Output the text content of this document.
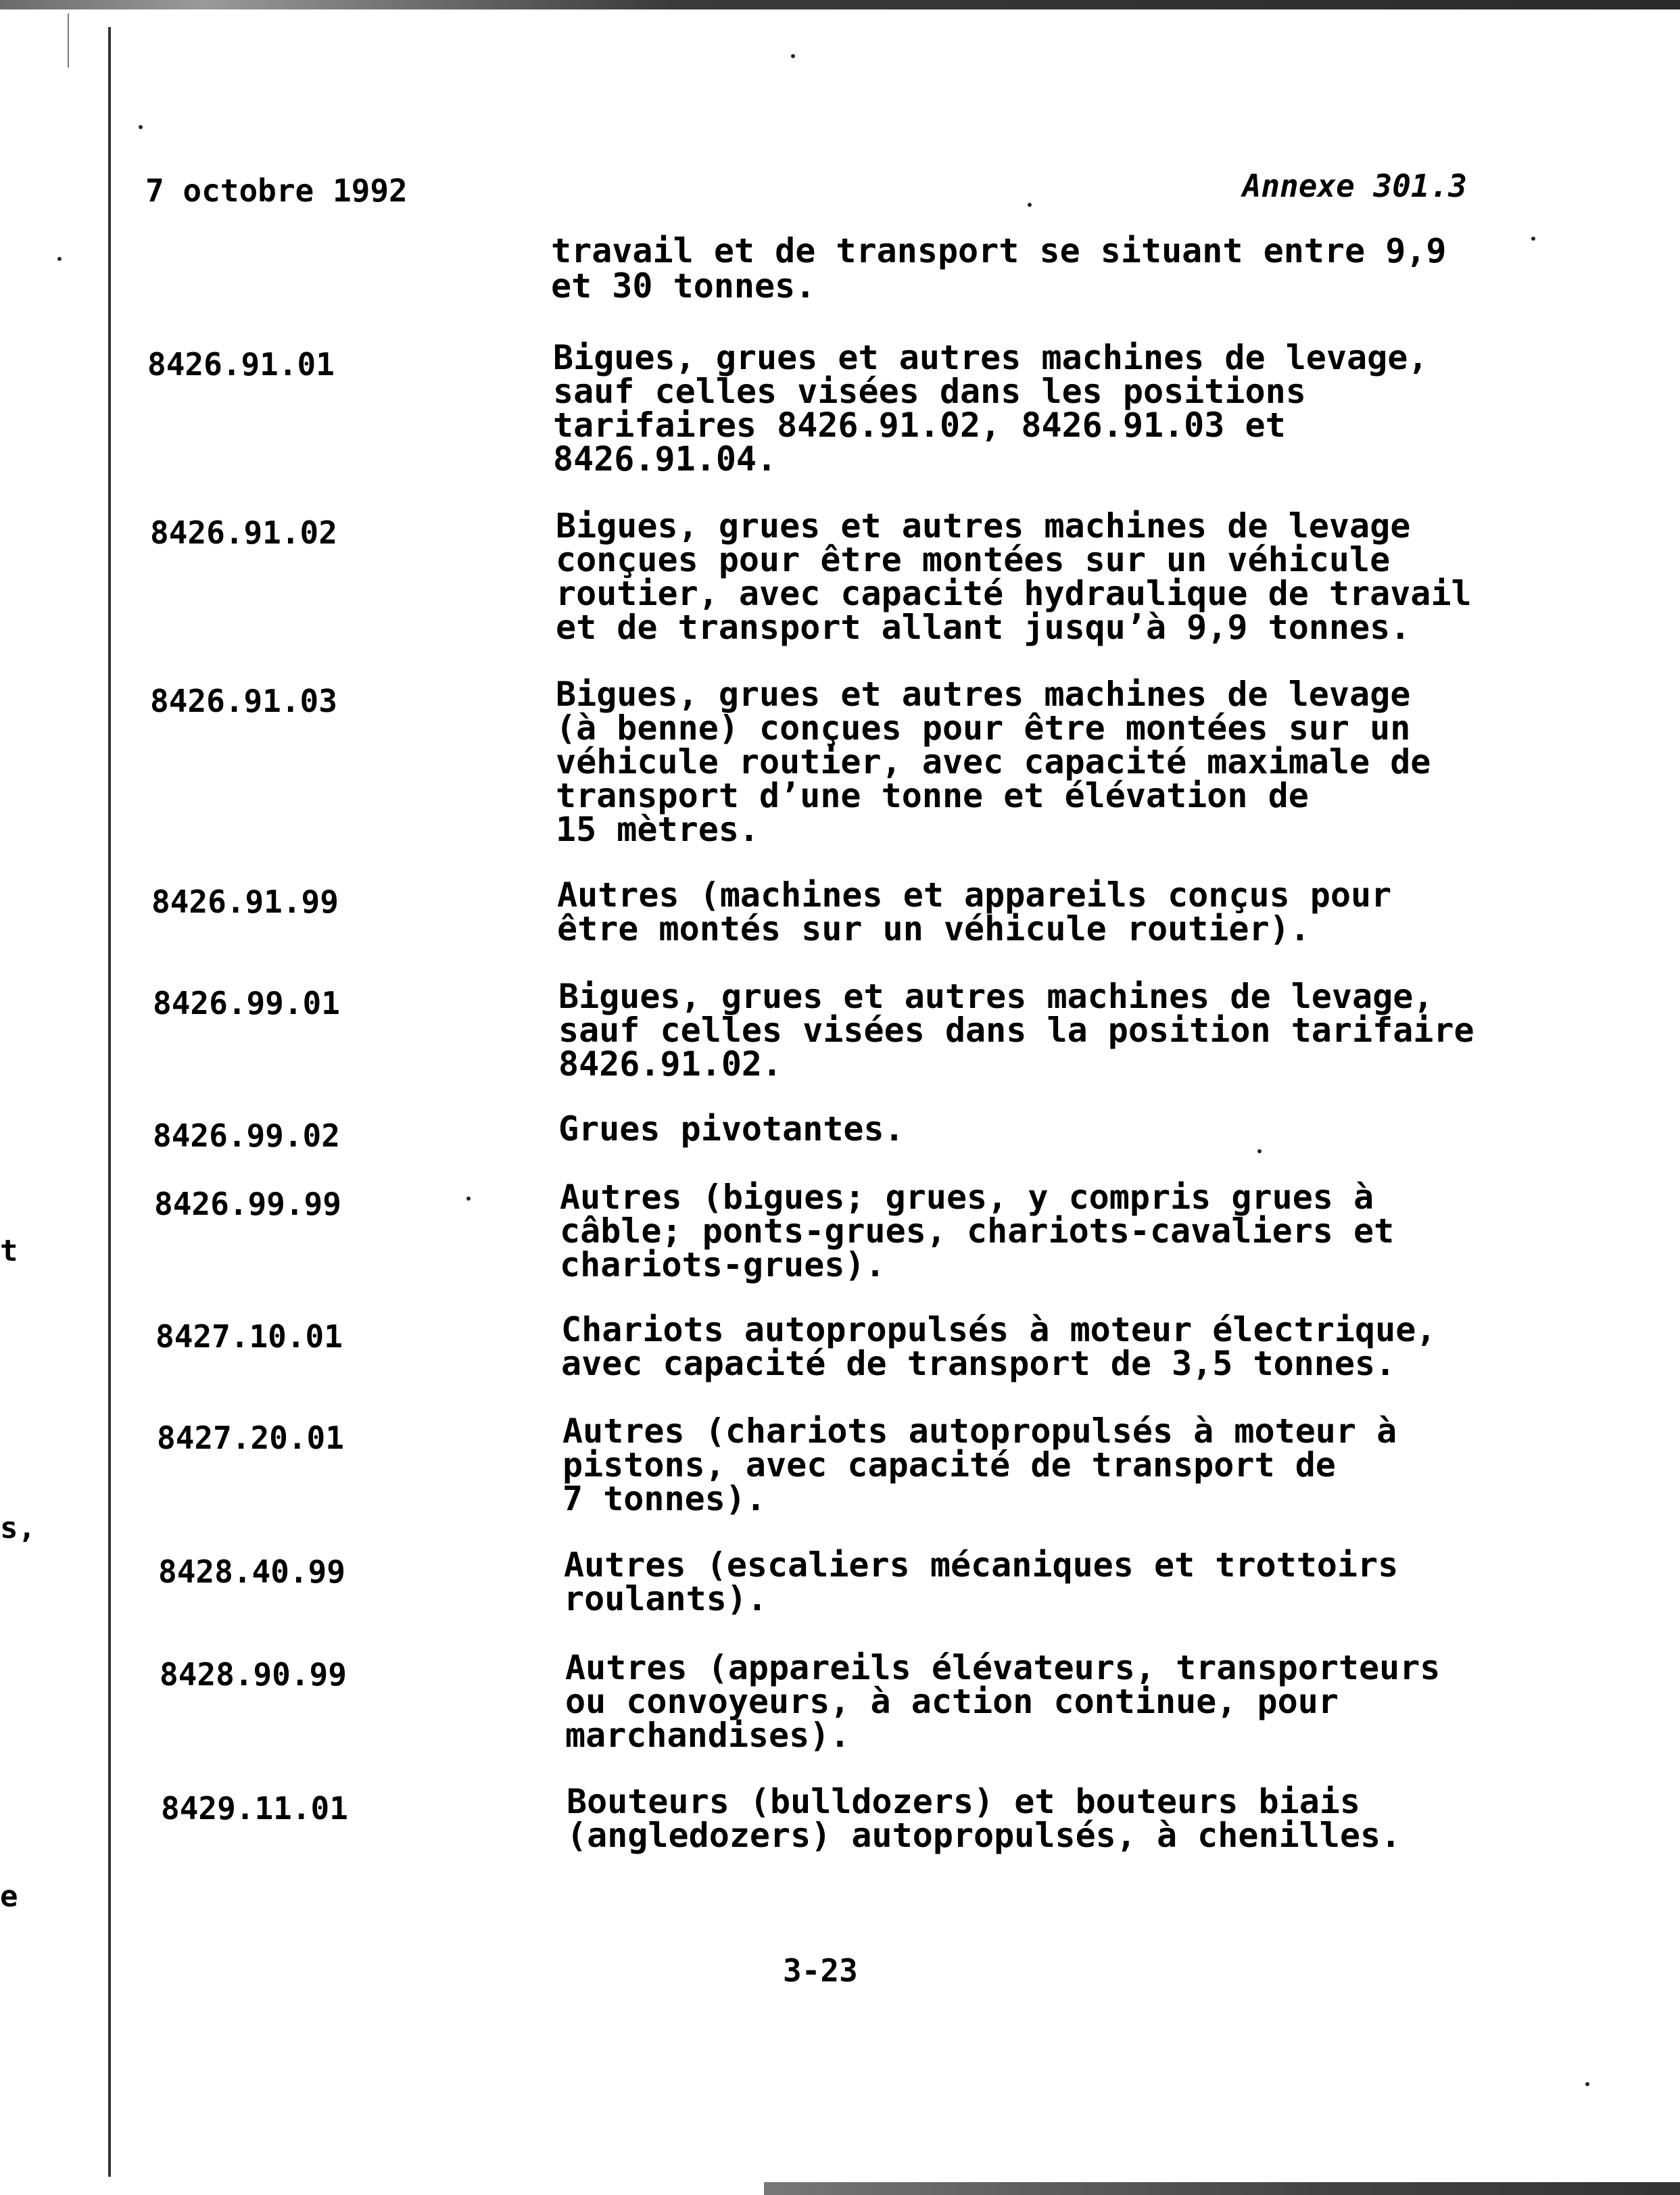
t
s,
e
7 octobre 1992	Annexe 301.3
travail et de transport se situant entre 9,9
et 30 tonnes.
8426.91.01	Bigues, grues et autres machines de levage,
sauf celles visées dans les positions
tarifaires 8426.91.02, 8426.91.03 et
8426.91.04.
8426.91.02	Bigues, grues et autres machines de levage
conçues pour être montées sur un véhicule
routier, avec capacité hydraulique de travail
et de transport allant jusqu’à 9,9 tonnes.
8426.91.03	Bigues, grues et autres machines de levage
(à benne) conçues pour être montées sur un
véhicule routier, avec capacité maximale de
transport d’une tonne et élévation de
15 mètres.
8426.91.99	Autres (machines et appareils conçus pour
être montés sur un véhicule routier).
8426.99.01	Bigues, grues et autres machines de levage,
sauf celles visées dans la position tarifaire
8426.91.02.
8426.99.02	Grues pivotantes.
8426.99.99	Autres (bigues; grues, y compris grues à
câble; ponts-grues, chariots-cavaliers et
chariots-grues).
8427.10.01	Chariots autopropulsés à moteur électrique,
avec capacité de transport de 3,5 tonnes.
8427.20.01	Autres (chariots autopropulsés à moteur à
pistons, avec capacité de transport de
7 tonnes).
8428.40.99	Autres (escaliers mécaniques et trottoirs
roulants).
8428.90.99	Autres (appareils élévateurs, transporteurs
ou convoyeurs, à action continue, pour
marchandises).
8429.11.01	Bouteurs (bulldozers) et bouteurs biais
(angledozers) autopropulsés, à chenilles.
3-23
